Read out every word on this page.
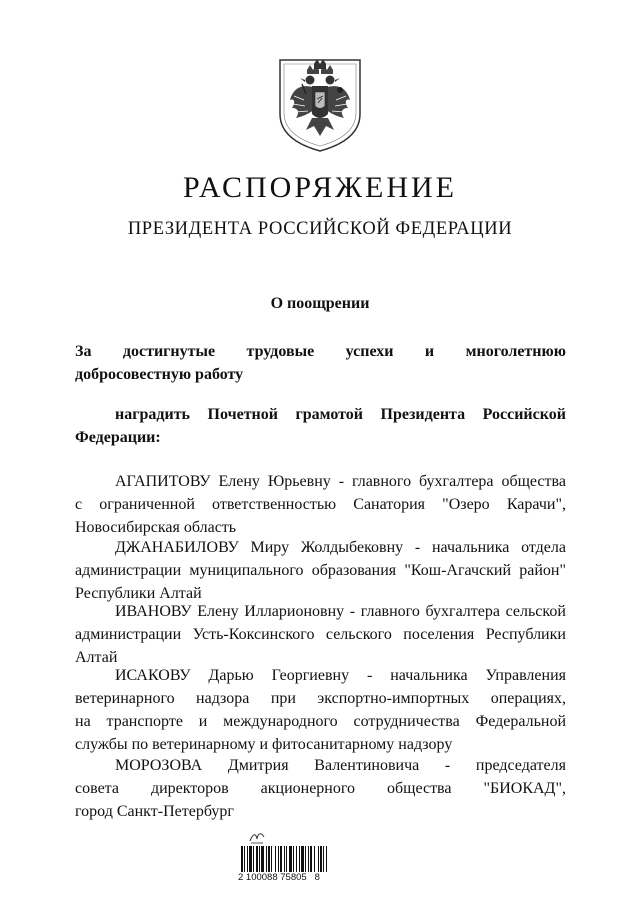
РАСПОРЯЖЕНИЕ
ПРЕЗИДЕНТА РОССИЙСКОЙ ФЕДЕРАЦИИ
О поощрении
За достигнутые трудовые успехи и многолетнюю
добросовестную работу
наградить Почетной грамотой Президента Российской
Федерации:
АГАПИТОВУ Елену Юрьевну - главного бухгалтера общества
с ограниченной ответственностью Санатория "Озеро Карачи",
Новосибирская область
ДЖАНАБИЛОВУ Миру Жолдыбековну - начальника отдела
администрации муниципального образования "Кош-Агачский район"
Республики Алтай
ИВАНОВУ Елену Илларионовну - главного бухгалтера сельской
администрации Усть-Коксинского сельского поселения Республики
Алтай
ИСАКОВУ Дарью Георгиевну - начальника Управления
ветеринарного надзора при экспортно-импортных операциях,
на транспорте и международного сотрудничества Федеральной
службы по ветеринарному и фитосанитарному надзору
МОРОЗОВА Дмитрия Валентиновича - председателя
совета директоров акционерного общества "БИОКАД",
город Санкт-Петербург
2 100088 75805   8
